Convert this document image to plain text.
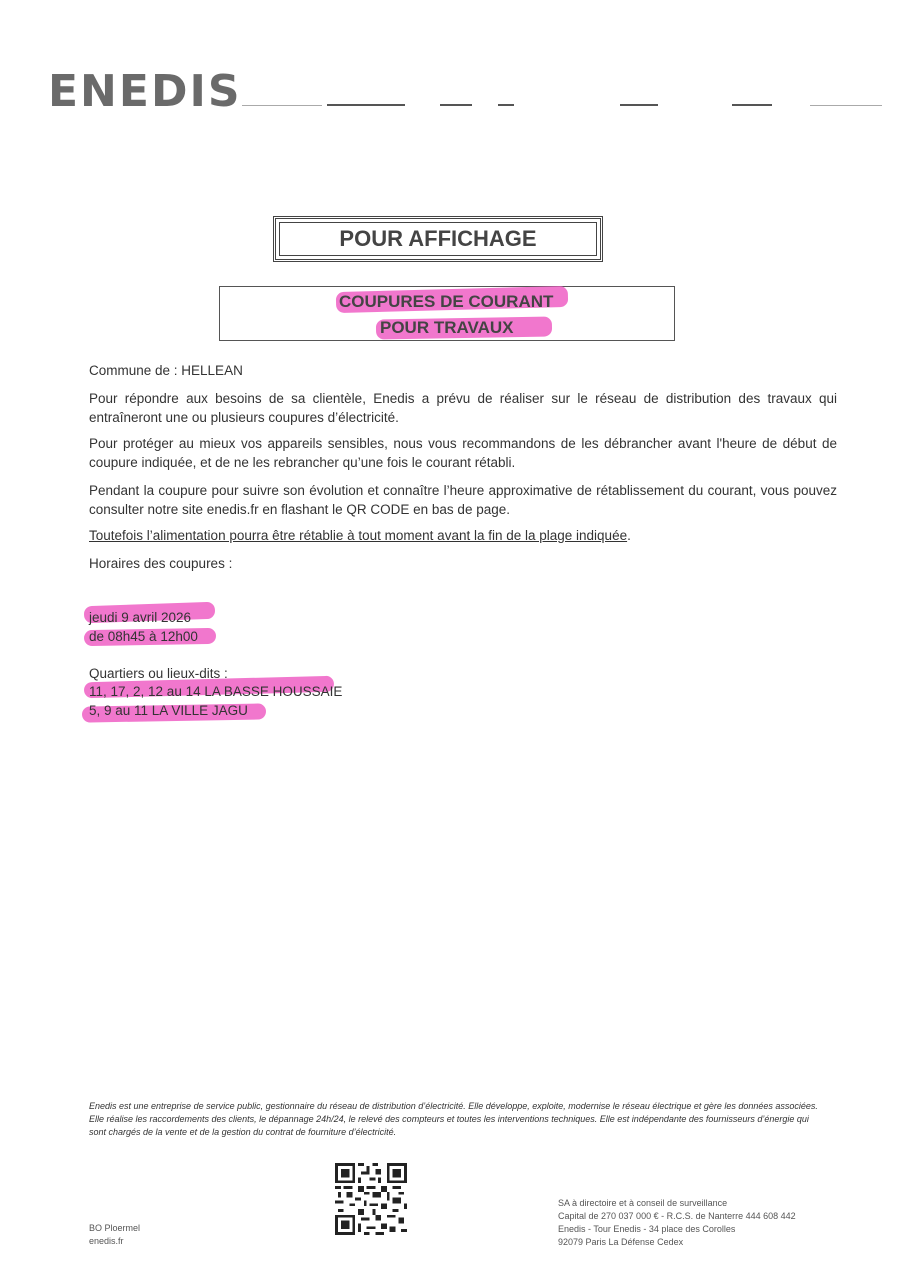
ENEDIS
POUR AFFICHAGE
COUPURES DE COURANT
POUR TRAVAUX
Commune de : HELLEAN
Pour répondre aux besoins de sa clientèle, Enedis a prévu de réaliser sur le réseau de distribution des travaux qui entraîneront une ou plusieurs coupures d’électricité.
Pour protéger au mieux vos appareils sensibles, nous vous recommandons de les débrancher avant l'heure de début de coupure indiquée, et de ne les rebrancher qu’une fois le courant rétabli.
Pendant la coupure pour suivre son évolution et connaître l’heure approximative de rétablissement du courant, vous pouvez consulter notre site enedis.fr en flashant le QR CODE en bas de page.
Toutefois l’alimentation pourra être rétablie à tout moment avant la fin de la plage indiquée.
Horaires des coupures :
jeudi 9 avril 2026
de 08h45 à 12h00
Quartiers ou lieux-dits :
11, 17, 2, 12 au 14 LA BASSE HOUSSAIE
5, 9 au 11 LA VILLE JAGU
Enedis est une entreprise de service public, gestionnaire du réseau de distribution d’électricité. Elle développe, exploite, modernise le réseau électrique et gère les données associées. Elle réalise les raccordements des clients, le dépannage 24h/24, le relevé des compteurs et toutes les interventions techniques. Elle est indépendante des fournisseurs d’énergie qui sont chargés de la vente et de la gestion du contrat de fourniture d’électricité.
BO Ploermel
enedis.fr
SA à directoire et à conseil de surveillance
Capital de 270 037 000 € - R.C.S. de Nanterre 444 608 442
Enedis - Tour Enedis - 34 place des Corolles
92079 Paris La Défense Cedex
